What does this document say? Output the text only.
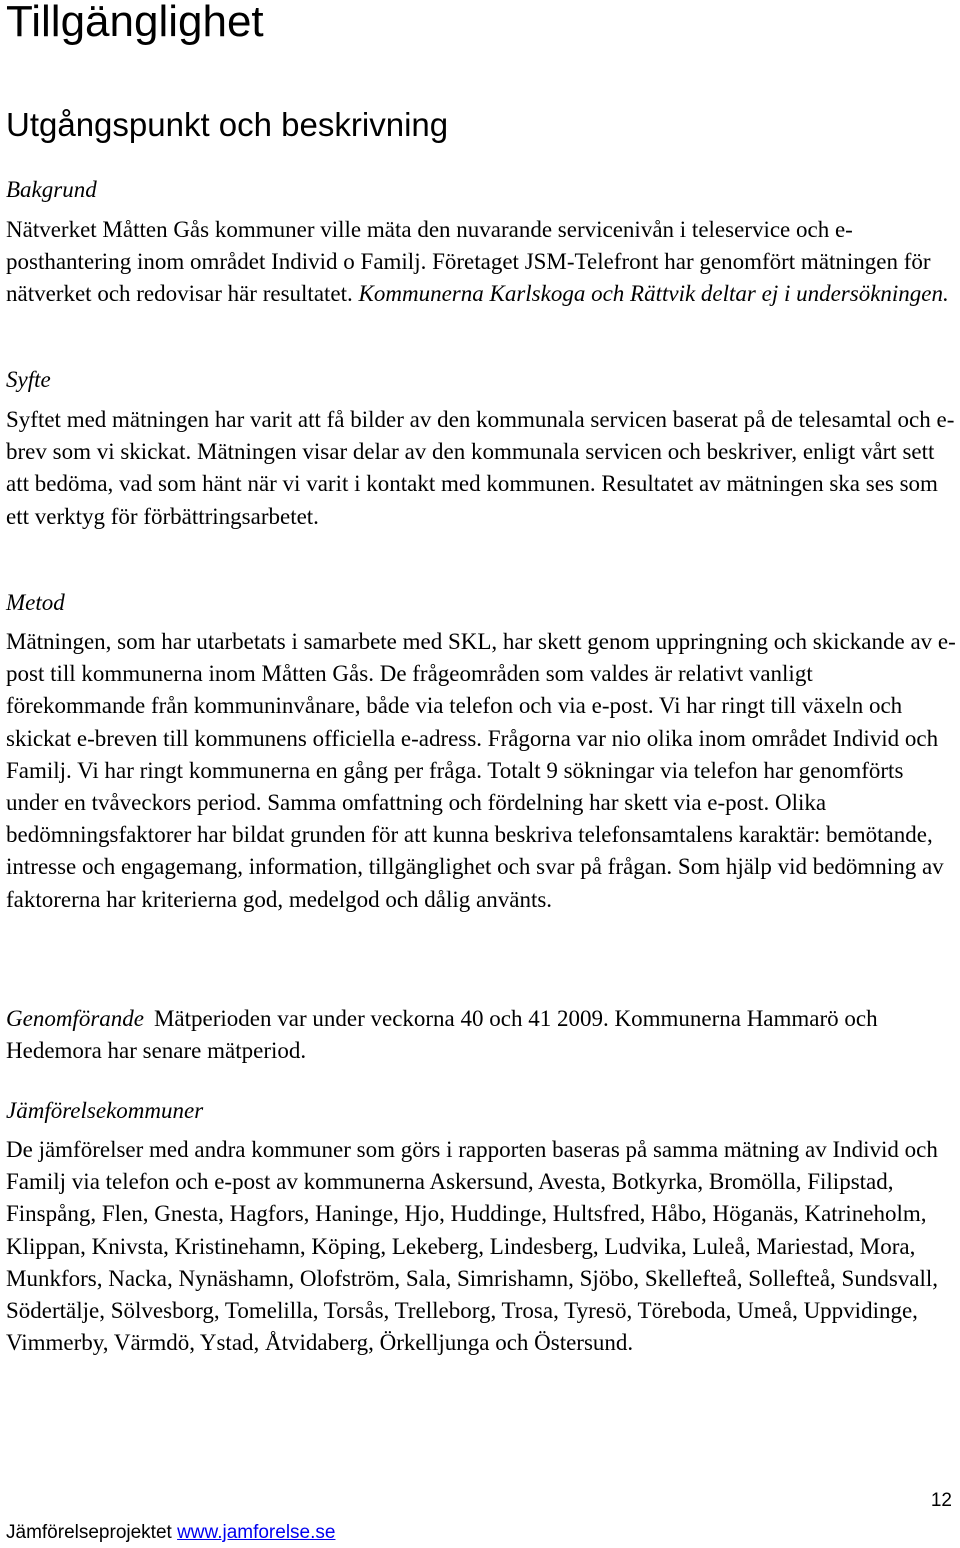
Tillgänglighet
Utgångspunkt och beskrivning
Bakgrund

Nätverket Måtten Gås kommuner ville mäta den nuvarande servicenivån i teleservice och e-posthantering inom området Individ o Familj. Företaget JSM-Telefront har genomfört mätningen för nätverket och redovisar här resultatet. Kommunerna Karlskoga och Rättvik deltar ej i undersökningen.

Syfte

Syftet med mätningen har varit att få bilder av den kommunala servicen baserat på de telesamtal och e-brev som vi skickat. Mätningen visar delar av den kommunala servicen och beskriver, enligt vårt sett att bedöma, vad som hänt när vi varit i kontakt med kommunen. Resultatet av mätningen ska ses som ett verktyg för förbättringsarbetet.

Metod

Mätningen, som har utarbetats i samarbete med SKL, har skett genom uppringning och skickande av e-post till kommunerna inom Måtten Gås. De frågeområden som valdes är relativt vanligt förekommande från kommuninvånare, både via telefon och via e-post. Vi har ringt till växeln och skickat e-breven till kommunens officiella e-adress. Frågorna var nio olika inom området Individ och Familj. Vi har ringt kommunerna en gång per fråga. Totalt 9 sökningar via telefon har genomförts under en tvåveckors period. Samma omfattning och fördelning har skett via e-post. Olika bedömningsfaktorer har bildat grunden för att kunna beskriva telefonsamtalens karaktär: bemötande, intresse och engagemang, information, tillgänglighet och svar på frågan. Som hjälp vid bedömning av faktorerna har kriterierna god, medelgod och dålig använts.

Genomförande Mätperioden var under veckorna 40 och 41 2009. Kommunerna Hammarö och Hedemora har senare mätperiod.

Jämförelsekommuner

De jämförelser med andra kommuner som görs i rapporten baseras på samma mätning av Individ och Familj via telefon och e-post av kommunerna Askersund, Avesta, Botkyrka, Bromölla, Filipstad, Finspång, Flen, Gnesta, Hagfors, Haninge, Hjo, Huddinge, Hultsfred, Håbo, Höganäs, Katrineholm, Klippan, Knivsta, Kristinehamn, Köping, Lekeberg, Lindesberg, Ludvika, Luleå, Mariestad, Mora, Munkfors, Nacka, Nynäshamn, Olofström, Sala, Simrishamn, Sjöbo, Skellefteå, Sollefteå, Sundsvall, Södertälje, Sölvesborg, Tomelilla, Torsås, Trelleborg, Trosa, Tyresö, Töreboda, Umeå, Uppvidinge, Vimmerby, Värmdö, Ystad, Åtvidaberg, Örkelljunga och Östersund.

12
Jämförelseprojektet www.jamforelse.se
